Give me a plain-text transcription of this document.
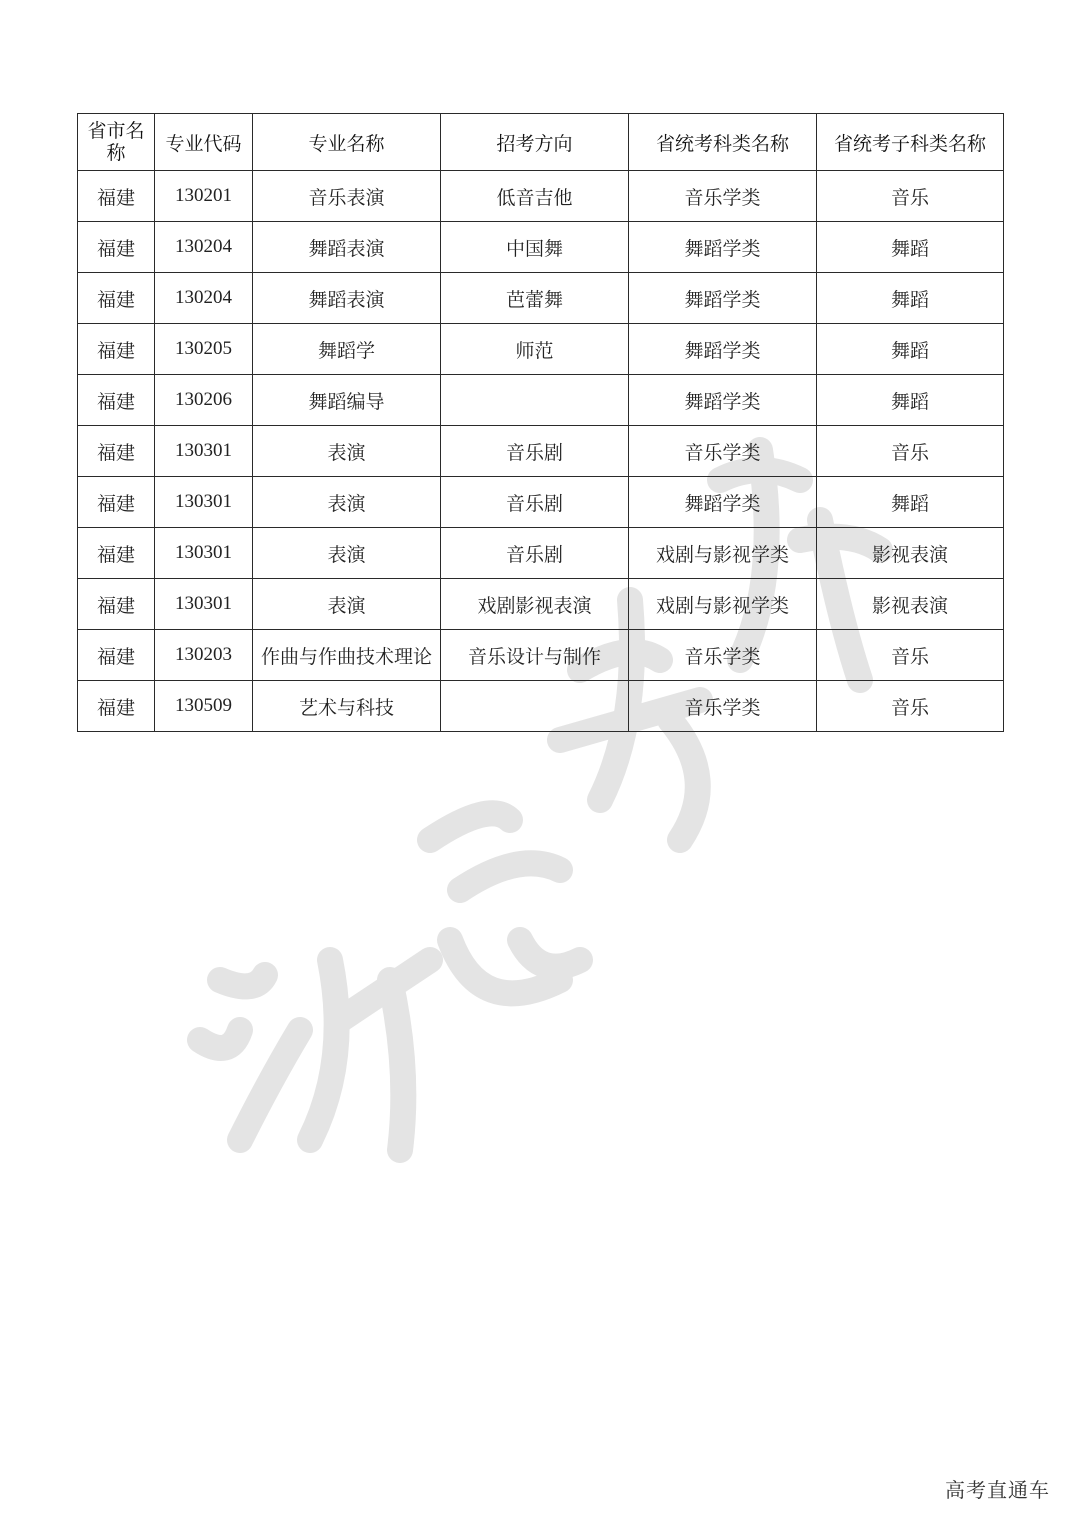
省市名称	专业代码	专业名称	招考方向	省统考科类名称	省统考子科类名称
福建	130201	音乐表演	低音吉他	音乐学类	音乐
福建	130204	舞蹈表演	中国舞	舞蹈学类	舞蹈
福建	130204	舞蹈表演	芭蕾舞	舞蹈学类	舞蹈
福建	130205	舞蹈学	师范	舞蹈学类	舞蹈
福建	130206	舞蹈编导		舞蹈学类	舞蹈
福建	130301	表演	音乐剧	音乐学类	音乐
福建	130301	表演	音乐剧	舞蹈学类	舞蹈
福建	130301	表演	音乐剧	戏剧与影视学类	影视表演
福建	130301	表演	戏剧影视表演	戏剧与影视学类	影视表演
福建	130203	作曲与作曲技术理论	音乐设计与制作	音乐学类	音乐
福建	130509	艺术与科技		音乐学类	音乐
高考直通车
